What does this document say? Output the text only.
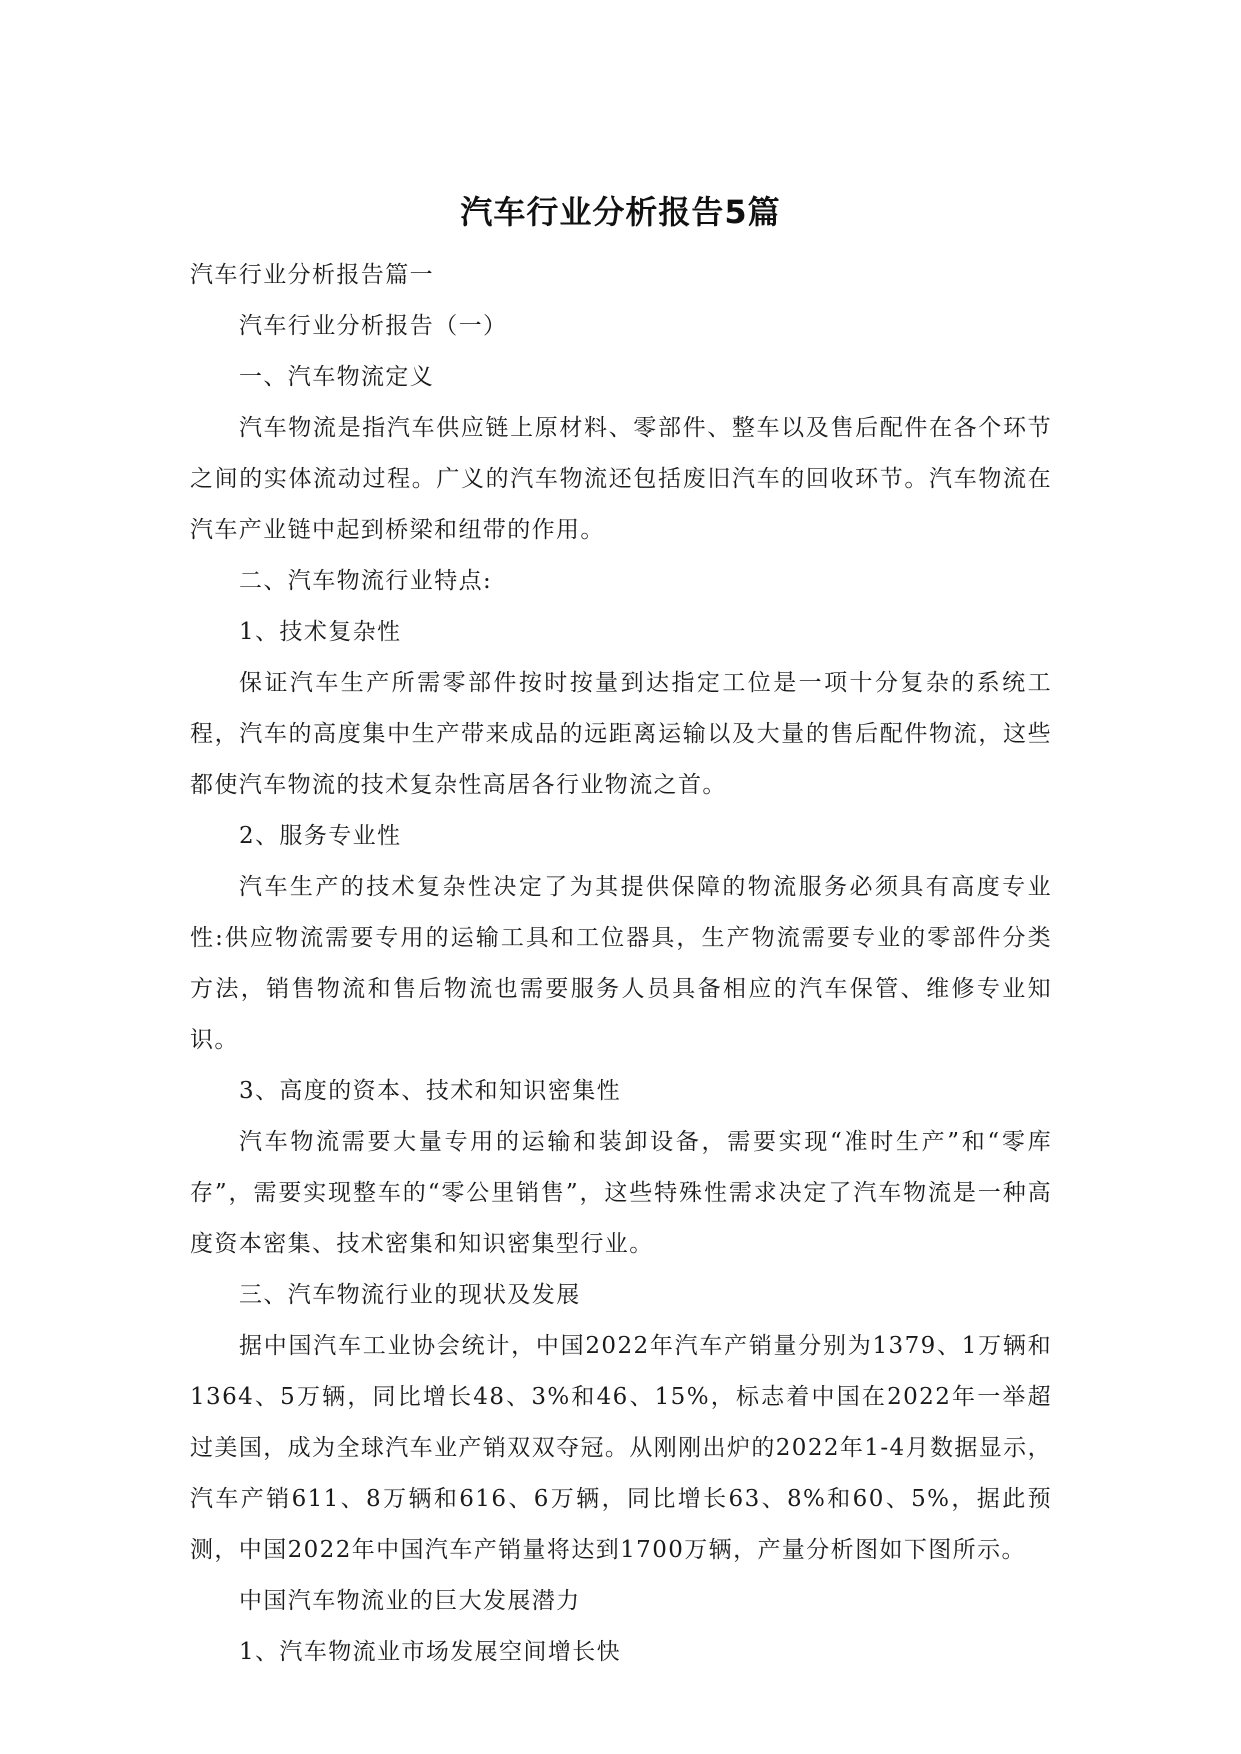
汽车行业分析报告5篇

汽车行业分析报告篇一

汽车行业分析报告（一）

一、汽车物流定义

汽车物流是指汽车供应链上原材料、零部件、整车以及售后配件在各个环节之间的实体流动过程。广义的汽车物流还包括废旧汽车的回收环节。汽车物流在汽车产业链中起到桥梁和纽带的作用。

二、汽车物流行业特点:

1、技术复杂性

保证汽车生产所需零部件按时按量到达指定工位是一项十分复杂的系统工程，汽车的高度集中生产带来成品的远距离运输以及大量的售后配件物流，这些都使汽车物流的技术复杂性高居各行业物流之首。

2、服务专业性

汽车生产的技术复杂性决定了为其提供保障的物流服务必须具有高度专业性:供应物流需要专用的运输工具和工位器具，生产物流需要专业的零部件分类方法，销售物流和售后物流也需要服务人员具备相应的汽车保管、维修专业知识。

3、高度的资本、技术和知识密集性

汽车物流需要大量专用的运输和装卸设备，需要实现“准时生产”和“零库存”，需要实现整车的“零公里销售”，这些特殊性需求决定了汽车物流是一种高度资本密集、技术密集和知识密集型行业。

三、汽车物流行业的现状及发展

据中国汽车工业协会统计，中国2022年汽车产销量分别为1379、1万辆和1364、5万辆，同比增长48、3%和46、15%，标志着中国在2022年一举超过美国，成为全球汽车业产销双双夺冠。从刚刚出炉的2022年1-4月数据显示，汽车产销611、8万辆和616、6万辆，同比增长63、8%和60、5%，据此预测，中国2022年中国汽车产销量将达到1700万辆，产量分析图如下图所示。

中国汽车物流业的巨大发展潜力

1、汽车物流业市场发展空间增长快
